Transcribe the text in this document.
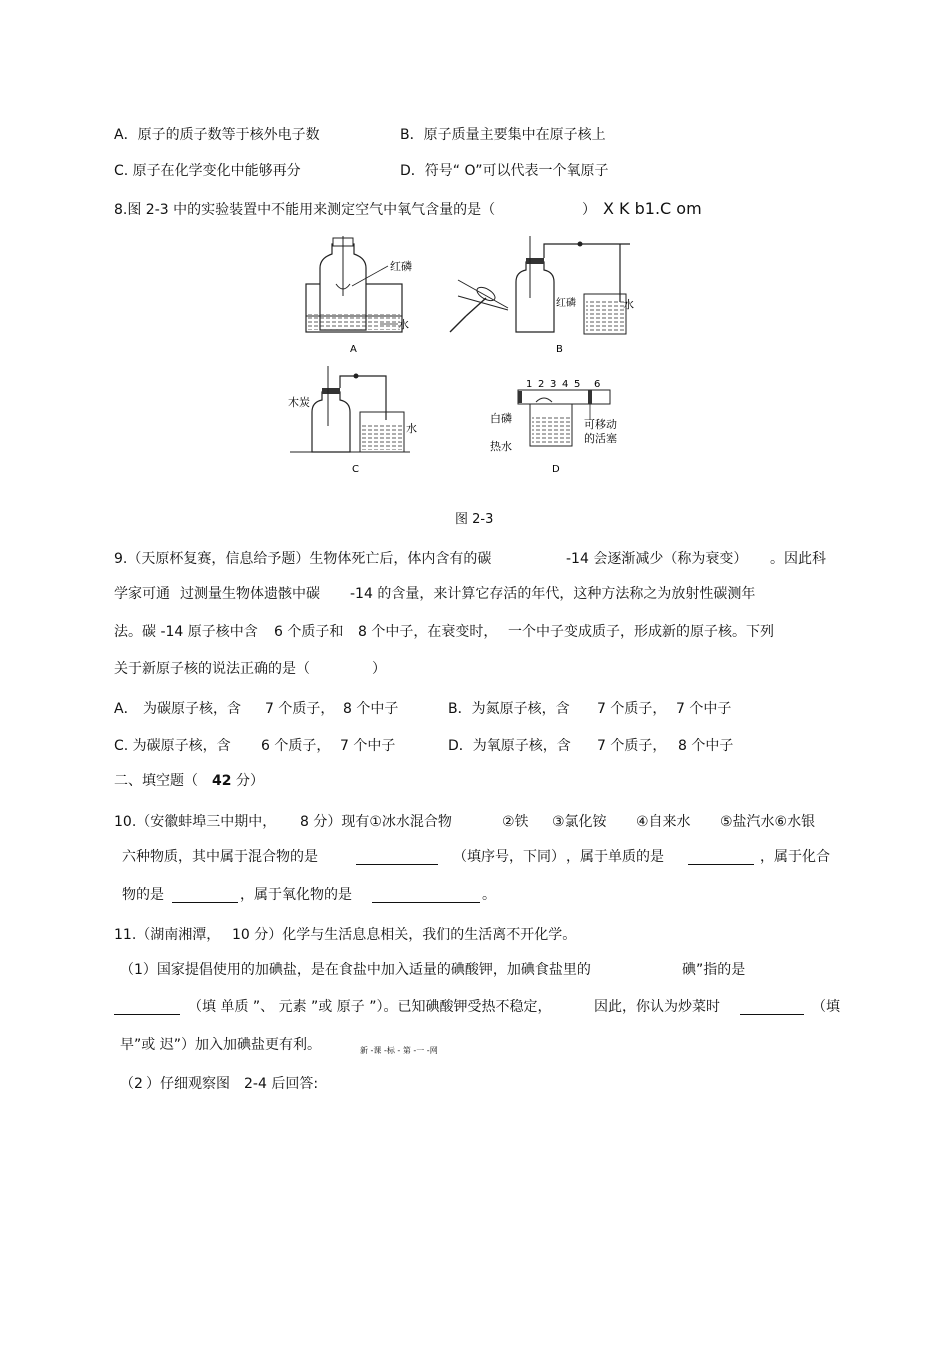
A．原子的质子数等于核外电子数	B．原子质量主要集中在原子核上
C. 原子在化学变化中能够再分	D．符号“ O”可以代表一个氧原子
8.图 2-3 中的实验装置中不能用来测定空气中氧气含量的是（	） X K b1.C om
红磷
水
A
红磷	水
B
木炭
水
C
1 2 3 4 5 6
白磷
热水
可移动
的活塞
D
图 2-3
9.（天原杯复赛，信息给予题）生物体死亡后，体内含有的碳	-14 会逐渐减少（称为衰变） 。因此科
学家可通 过测量生物体遗骸中碳 -14 的含量，来计算它存活的年代，这种方法称之为放射性碳测年
法。碳 -14 原子核中含 6 个质子和 8 个中子，在衰变时， 一个中子变成质子，形成新的原子核。下列
关于新原子核的说法正确的是（	）
A． 为碳原子核，含 7 个质子， 8 个中子	B．为氮原子核，含 7 个质子， 7 个中子
C. 为碳原子核，含 6 个质子， 7 个中子	D．为氧原子核，含 7 个质子， 8 个中子
二、填空题（ 42 分）
10.（安徽蚌埠三中期中， 8 分）现有①冰水混合物	②铁 ③氯化铵 ④自来水 ⑤盐汽水⑥水银
六种物质，其中属于混合物的是	（填序号，下同） ，属于单质的是	，属于化合
物的是	，属于氧化物的是	。
11.（湖南湘潭， 10 分）化学与生活息息相关，我们的生活离不开化学。
（1）国家提倡使用的加碘盐，是在食盐中加入适量的碘酸钾，加碘食盐里的	碘”指的是
（填 单质 ”、 元素 ”或 原子 ”）。已知碘酸钾受热不稳定，	因此，你认为炒菜时	（填
早”或 迟”）加入加碘盐更有利。	新 -课 -标 - 第 -一 -网
（2 ）仔细观察图 2-4 后回答:
